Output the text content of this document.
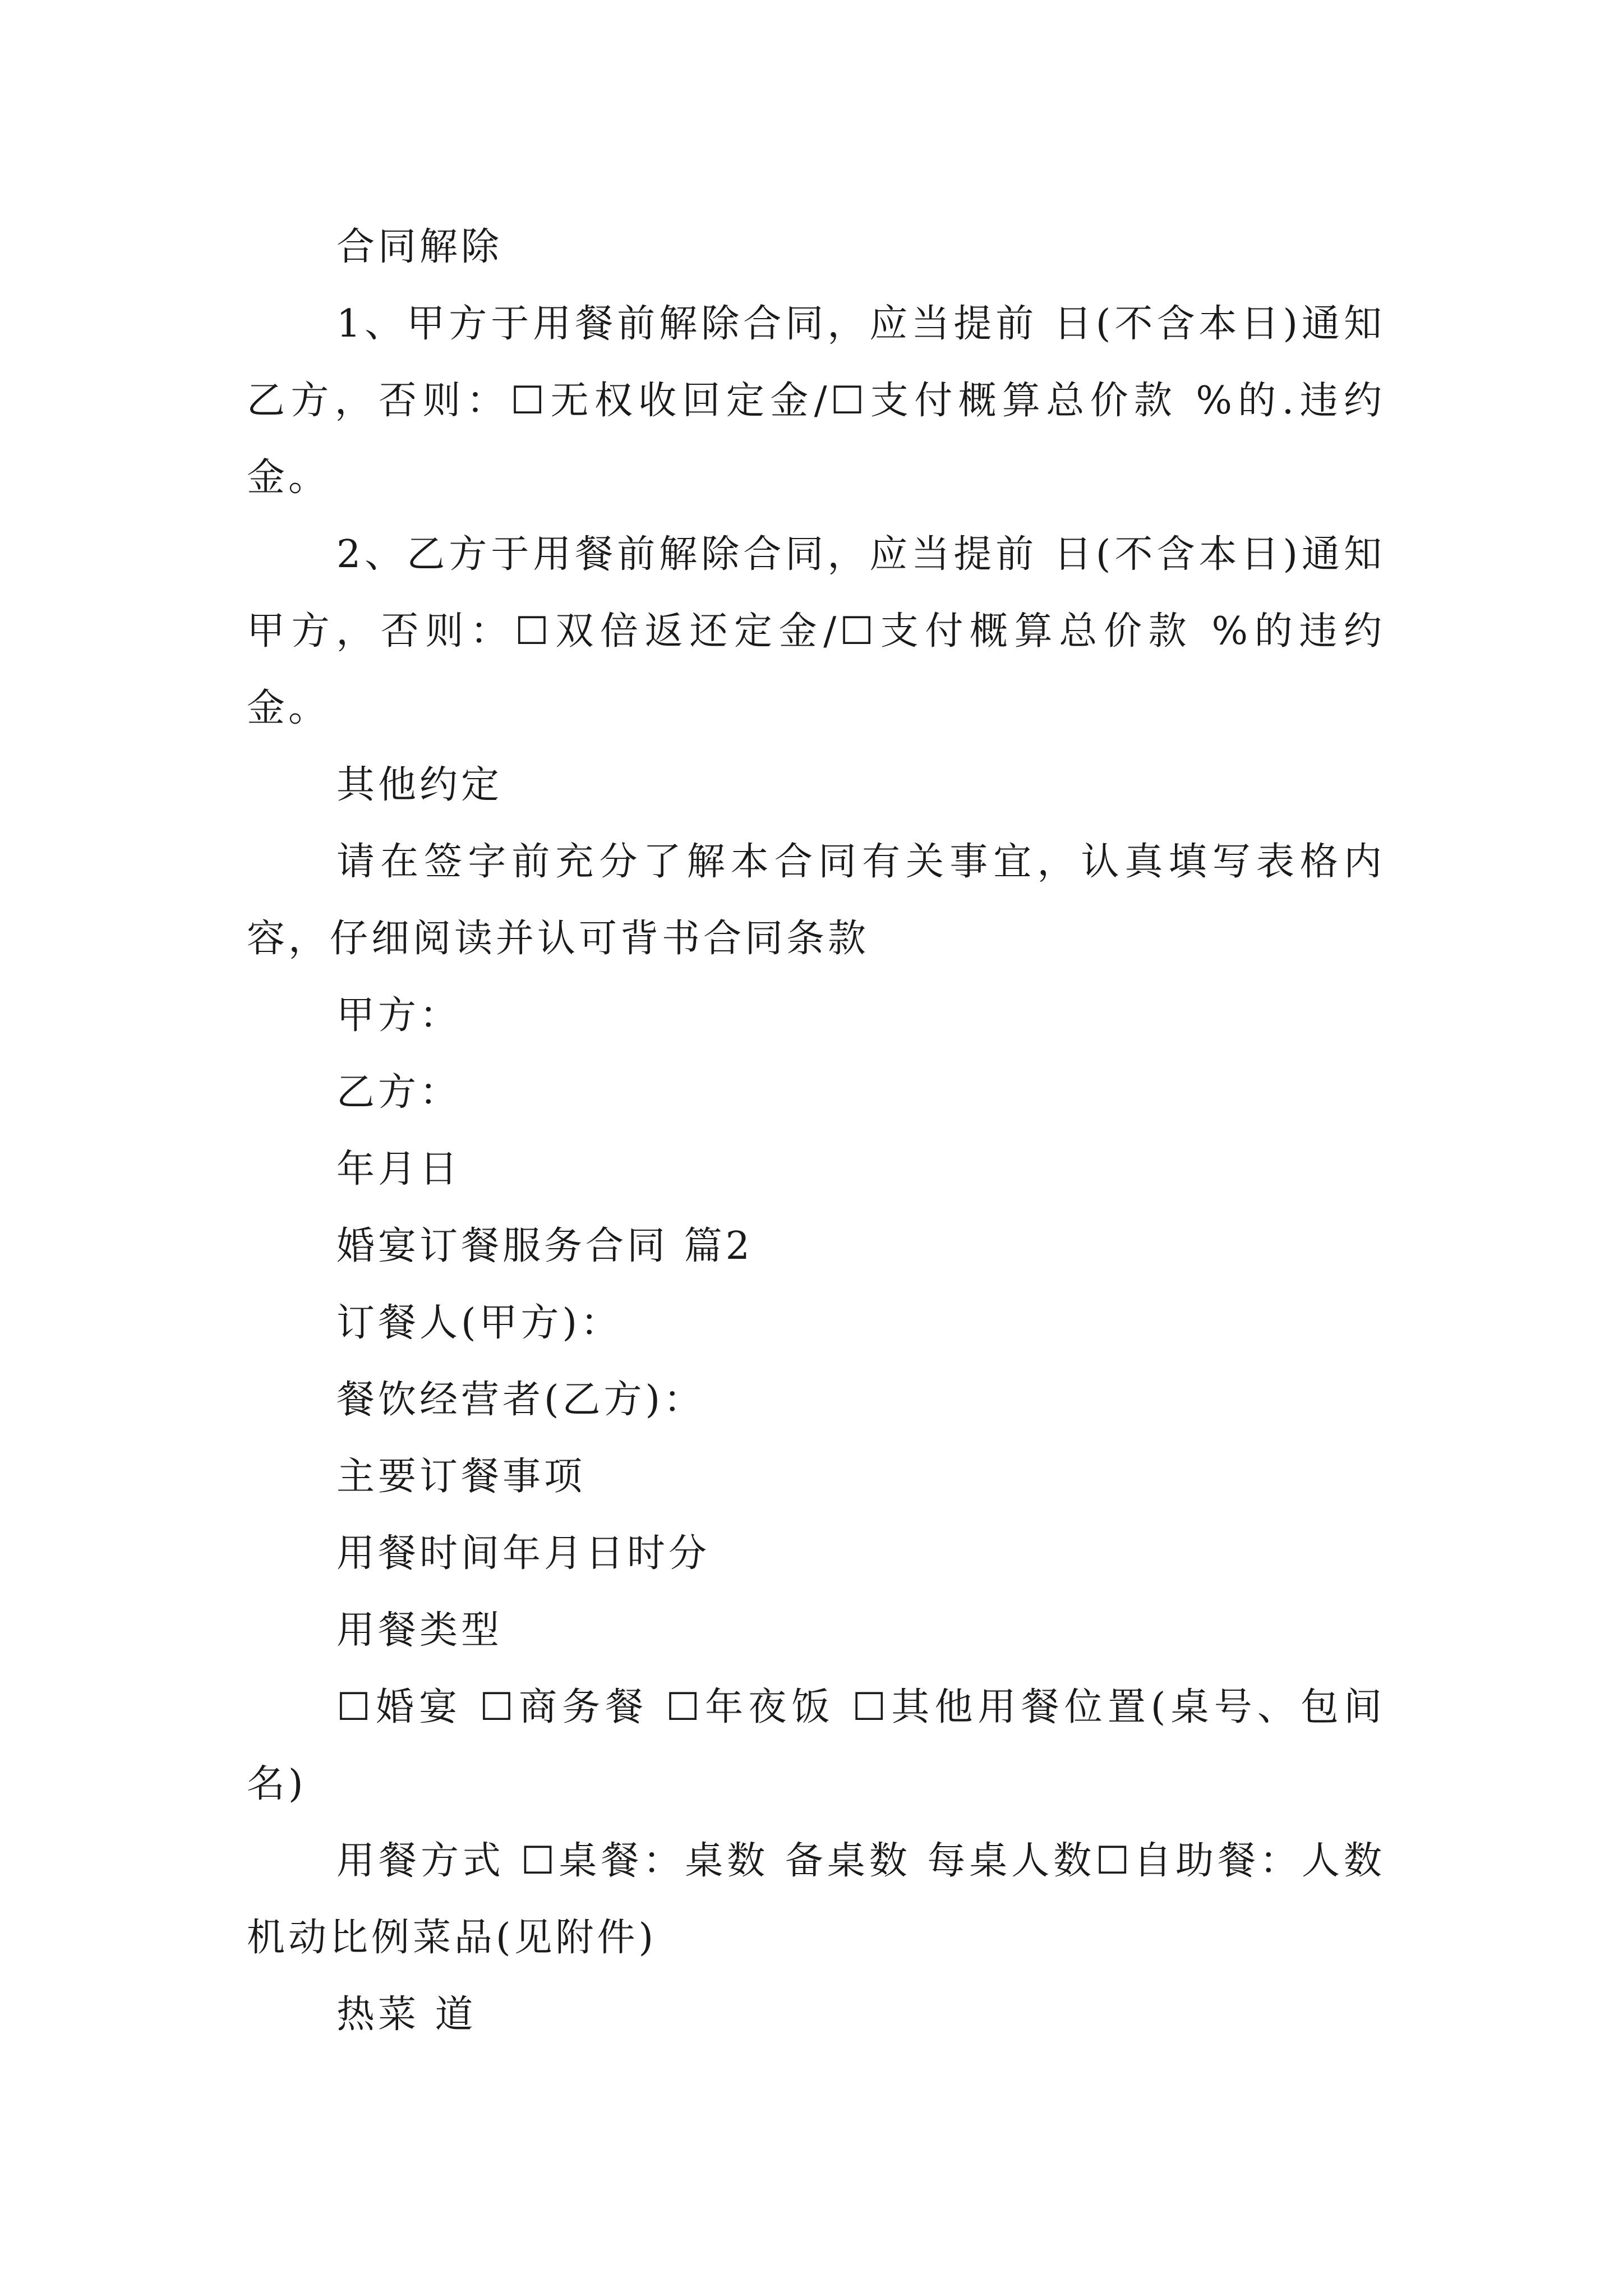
合同解除

1、甲方于用餐前解除合同，应当提前 日(不含本日)通知乙方，否则：☐无权收回定金/☐支付概算总价款 %的.违约金。

2、乙方于用餐前解除合同，应当提前 日(不含本日)通知甲方，否则：☐双倍返还定金/☐支付概算总价款 %的违约金。

其他约定

请在签字前充分了解本合同有关事宜，认真填写表格内容，仔细阅读并认可背书合同条款

甲方：

乙方：

年月日

婚宴订餐服务合同 篇2

订餐人(甲方)：

餐饮经营者(乙方)：

主要订餐事项

用餐时间年月日时分

用餐类型

☐婚宴 ☐商务餐 ☐年夜饭 ☐其他用餐位置(桌号、包间名)

用餐方式 ☐桌餐：桌数 备桌数 每桌人数☐自助餐：人数 机动比例菜品(见附件)

热菜 道
